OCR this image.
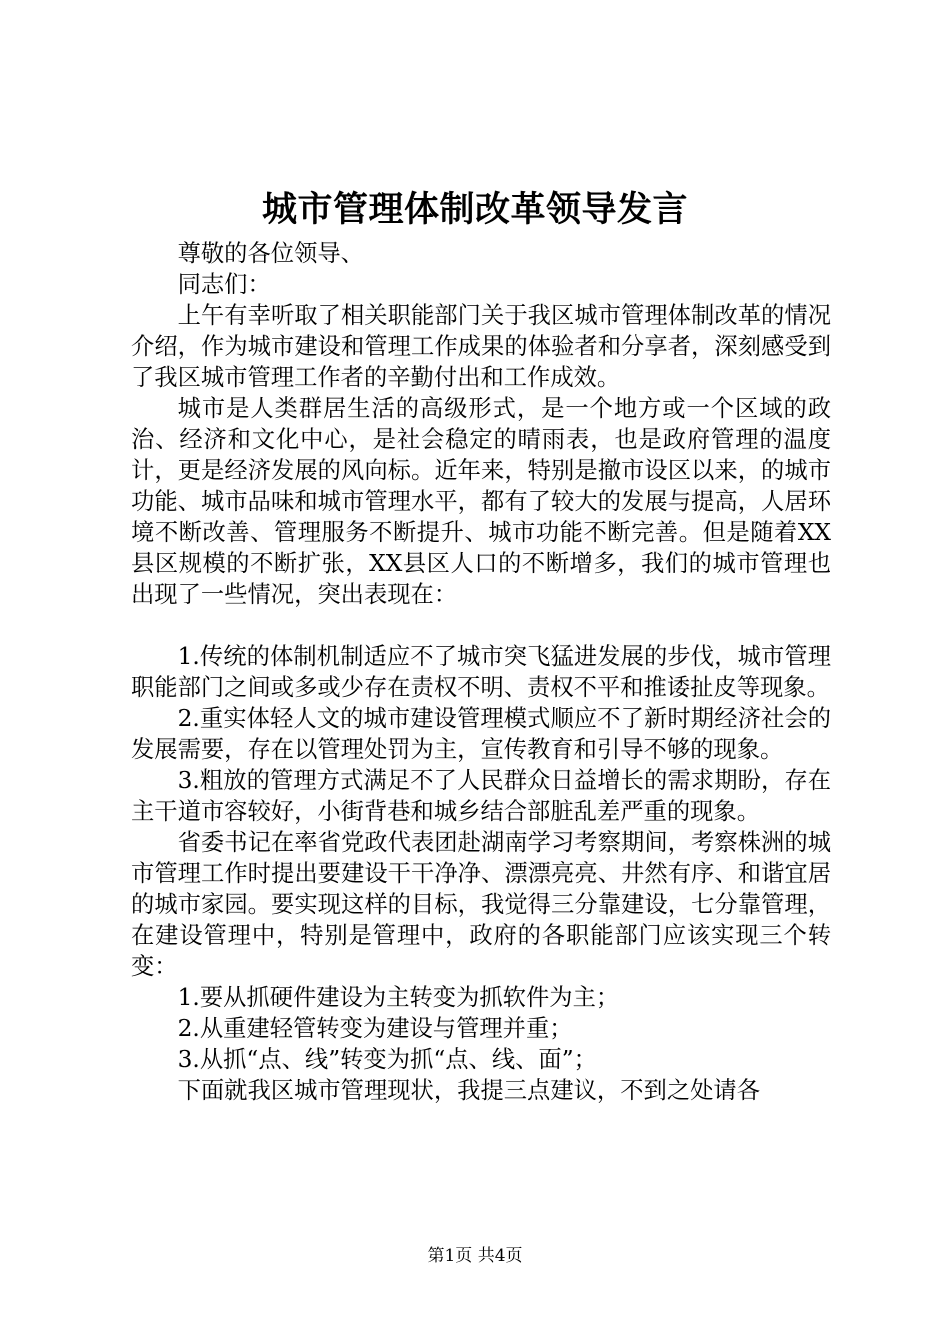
城市管理体制改革领导发言

尊敬的各位领导、

同志们：

上午有幸听取了相关职能部门关于我区城市管理体制改革的情况介绍，作为城市建设和管理工作成果的体验者和分享者，深刻感受到了我区城市管理工作者的辛勤付出和工作成效。

城市是人类群居生活的高级形式，是一个地方或一个区域的政治、经济和文化中心，是社会稳定的晴雨表，也是政府管理的温度计，更是经济发展的风向标。近年来，特别是撤市设区以来，的城市功能、城市品味和城市管理水平，都有了较大的发展与提高，人居环境不断改善、管理服务不断提升、城市功能不断完善。但是随着XX县区规模的不断扩张，XX县区人口的不断增多，我们的城市管理也出现了一些情况，突出表现在：

1.传统的体制机制适应不了城市突飞猛进发展的步伐，城市管理职能部门之间或多或少存在责权不明、责权不平和推诿扯皮等现象。

2.重实体轻人文的城市建设管理模式顺应不了新时期经济社会的发展需要，存在以管理处罚为主，宣传教育和引导不够的现象。

3.粗放的管理方式满足不了人民群众日益增长的需求期盼，存在主干道市容较好，小街背巷和城乡结合部脏乱差严重的现象。

省委书记在率省党政代表团赴湖南学习考察期间，考察株洲的城市管理工作时提出要建设干干净净、漂漂亮亮、井然有序、和谐宜居的城市家园。要实现这样的目标，我觉得三分靠建设，七分靠管理，在建设管理中，特别是管理中，政府的各职能部门应该实现三个转变：

1.要从抓硬件建设为主转变为抓软件为主；

2.从重建轻管转变为建设与管理并重；

3.从抓“点、线”转变为抓“点、线、面”；

下面就我区城市管理现状，我提三点建议，不到之处请各

第1页 共4页
